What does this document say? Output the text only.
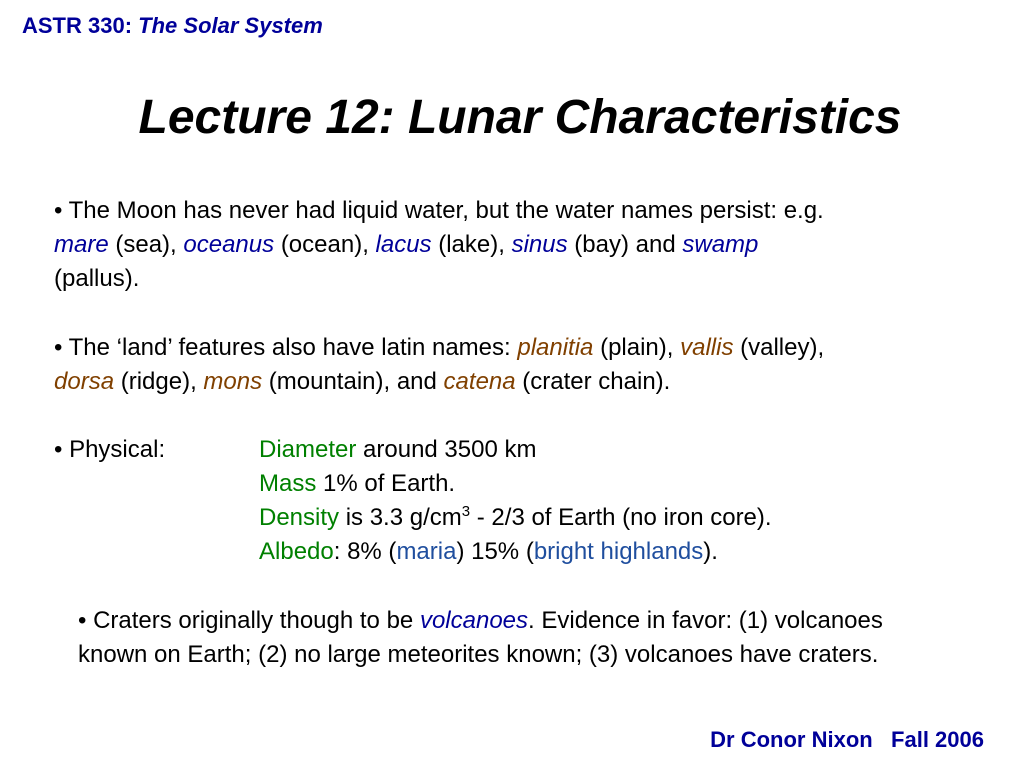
ASTR 330: The Solar System
Lecture 12: Lunar Characteristics
• The Moon has never had liquid water, but the water names persist: e.g.
mare (sea), oceanus (ocean), lacus (lake), sinus (bay) and swamp
(pallus).
• The ‘land’ features also have latin names: planitia (plain), vallis (valley),
dorsa (ridge), mons (mountain), and catena (crater chain).
• Physical:	Diameter around 3500 km
Mass 1% of Earth.
Density is 3.3 $g/cm^3 - 2/3$ of Earth (no iron core).
Albedo: 8% (maria) 15% (bright highlands).
• Craters originally though to be volcanoes. Evidence in favor: (1) volcanoes known on Earth; (2) no large meteorites known; (3) volcanoes have craters.
Dr Conor Nixon Fall 2006
